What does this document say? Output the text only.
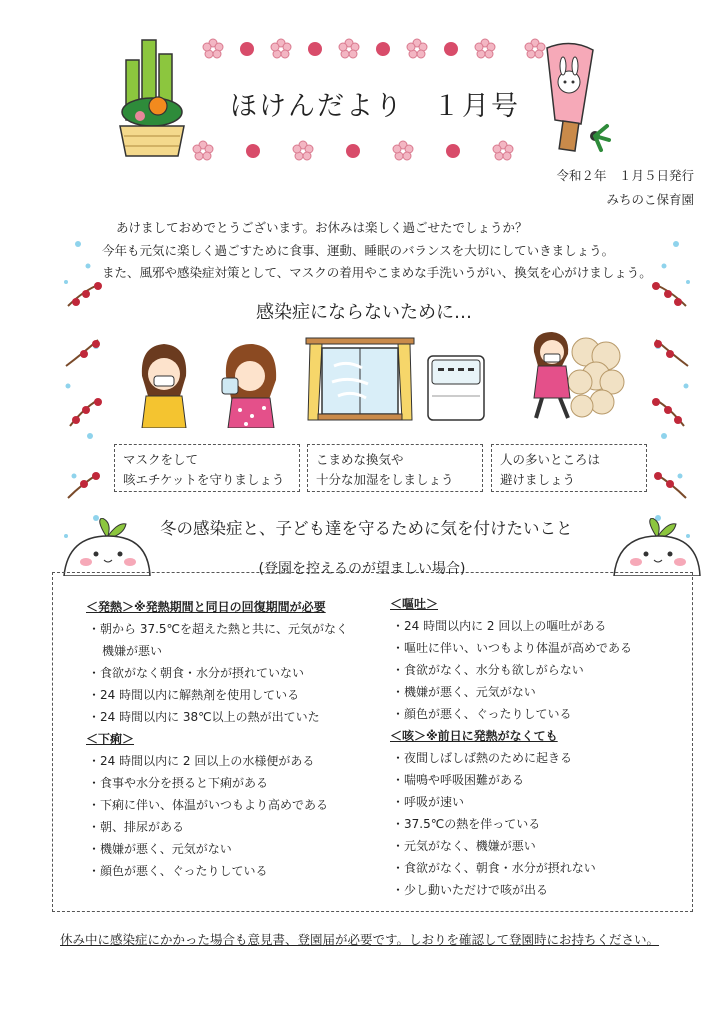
ほけんだより　１月号
令和２年　１月５日発行
みちのこ保育園
あけましておめでとうございます。お休みは楽しく過ごせたでしょうか？
今年も元気に楽しく過ごすために食事、運動、睡眠のバランスを大切にしていきましょう。
また、風邪や感染症対策として、マスクの着用やこまめな手洗いうがい、換気を心がけましょう。
感染症にならないために…
マスクをして
咳エチケットを守りましょう
こまめな換気や
十分な加湿をしましょう
人の多いところは
避けましょう
冬の感染症と、子ども達を守るために気を付けたいこと
(登園を控えるのが望ましい場合)
＜発熱＞※発熱期間と同日の回復期間が必要
・朝から 37.5℃を超えた熱と共に、元気がなく
機嫌が悪い
・食欲がなく朝食・水分が摂れていない
・24 時間以内に解熱剤を使用している
・24 時間以内に 38℃以上の熱が出ていた
＜下痢＞
・24 時間以内に 2 回以上の水様便がある
・食事や水分を摂ると下痢がある
・下痢に伴い、体温がいつもより高めである
・朝、排尿がある
・機嫌が悪く、元気がない
・顔色が悪く、ぐったりしている
＜嘔吐＞
・24 時間以内に 2 回以上の嘔吐がある
・嘔吐に伴い、いつもより体温が高めである
・食欲がなく、水分も欲しがらない
・機嫌が悪く、元気がない
・顔色が悪く、ぐったりしている
＜咳＞※前日に発熱がなくても
・夜間しばしば熱のために起きる
・喘鳴や呼吸困難がある
・呼吸が速い
・37.5℃の熱を伴っている
・元気がなく、機嫌が悪い
・食欲がなく、朝食・水分が摂れない
・少し動いただけで咳が出る
休み中に感染症にかかった場合も意見書、登園届が必要です。しおりを確認して登園時にお持ちください。
